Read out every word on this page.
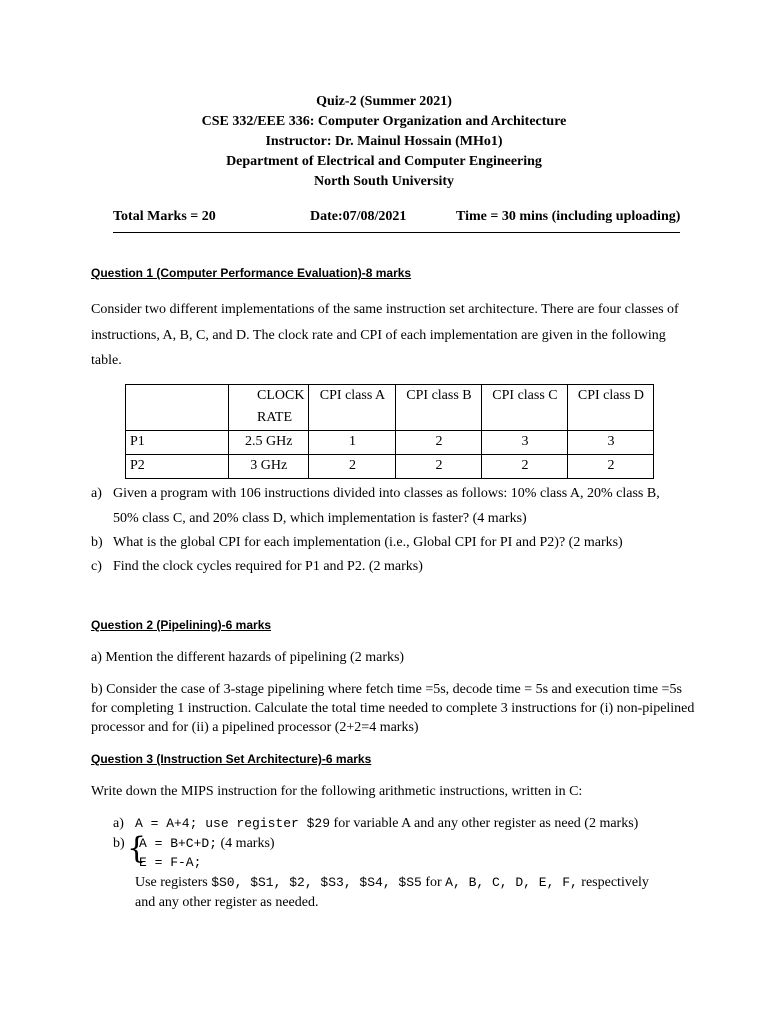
Quiz-2 (Summer 2021)
CSE 332/EEE 336: Computer Organization and Architecture
Instructor: Dr. Mainul Hossain (MHo1)
Department of Electrical and Computer Engineering
North South University
Total Marks = 20	Date:07/08/2021	Time = 30 mins (including uploading)
Question 1 (Computer Performance Evaluation)-8 marks
Consider two different implementations of the same instruction set architecture. There are four classes of instructions, A, B, C, and D. The clock rate and CPI of each implementation are given in the following table.
	CLOCK RATE	CPI class A	CPI class B	CPI class C	CPI class D
P1	2.5 GHz	1	2	3	3
P2	3 GHz	2	2	2	2
a) Given a program with 106 instructions divided into classes as follows: 10% class A, 20% class B,
50% class C, and 20% class D, which implementation is faster? (4 marks)
b) What is the global CPI for each implementation (i.e., Global CPI for PI and P2)? (2 marks)
c) Find the clock cycles required for P1 and P2. (2 marks)
Question 2 (Pipelining)-6 marks
a) Mention the different hazards of pipelining (2 marks)
b) Consider the case of 3-stage pipelining where fetch time =5s, decode time = 5s and execution time =5s
for completing 1 instruction. Calculate the total time needed to complete 3 instructions for (i) non-pipelined
processor and for (ii) a pipelined processor (2+2=4 marks)
Question 3 (Instruction Set Architecture)-6 marks
Write down the MIPS instruction for the following arithmetic instructions, written in C:
a) A = A+4; use register $29 for variable A and any other register as need (2 marks)
b) {
A = B+C+D; (4 marks)
E = F-A;
Use registers $S0, $S1, $2, $S3, $S4, $S5 for A, B, C, D, E, F, respectively
and any other register as needed.
